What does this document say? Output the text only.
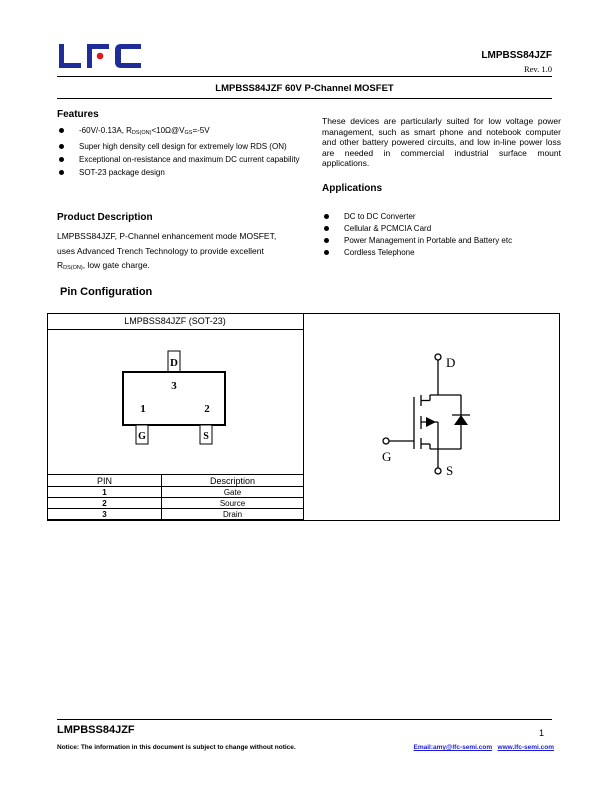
LMPBSS84JZF
Rev. 1.0
LMPBSS84JZF 60V P-Channel MOSFET
Features
-60V/-0.13A, RDS(ON)<10Ω@VGS=-5V
Super high density cell design for extremely low RDS (ON)
Exceptional on-resistance and maximum DC current capability
SOT-23 package design
Product Description
LMPBSS84JZF, P-Channel enhancement mode MOSFET,
uses Advanced Trench Technology to provide excellent
RDS(ON), low gate charge.
These devices are particularly suited for low voltage power management, such as smart phone and notebook computer and other battery powered circuits, and low in-line power loss are needed in commercial industrial surface mount applications.
Applications
DC to DC Converter
Cellular & PCMCIA Card
Power Management in Portable and Battery etc
Cordless Telephone
Pin Configuration
LMPBSS84JZF (SOT-23)
D
3
1	2
G	S
PIN	Description
1	Gate
2	Source
3	Drain
D
G
S
LMPBSS84JZF	1
Notice: The information in this document is subject to change without notice.	Email:amy@lfc-semi.com www.lfc-semi.com
